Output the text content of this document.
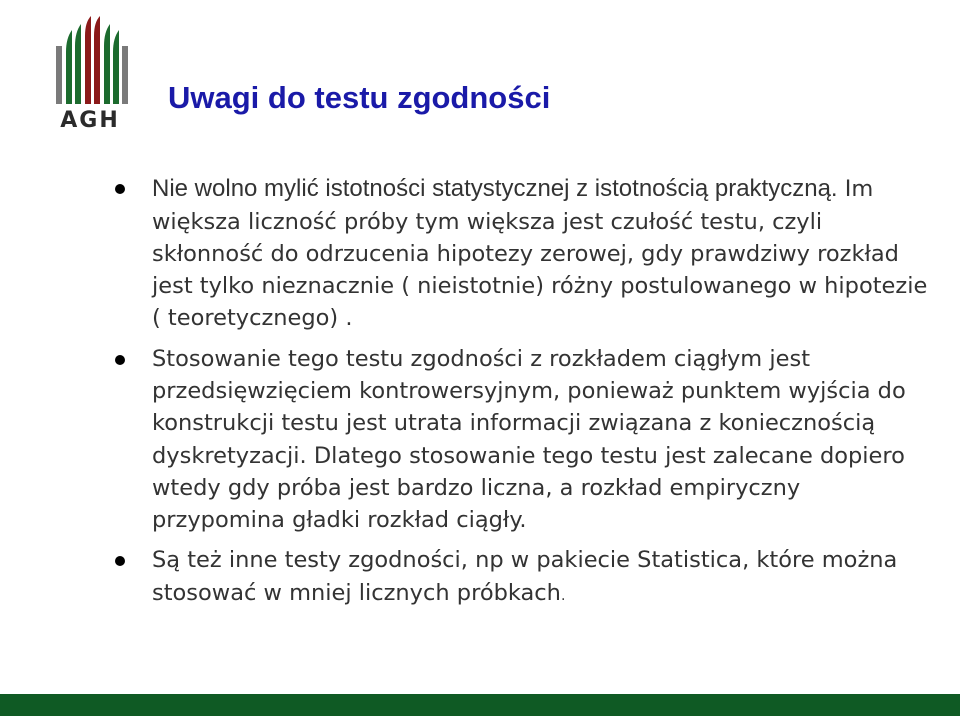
AGH
Uwagi do testu zgodności
Nie wolno mylić istotności statystycznej z istotnością praktyczną. Im większa liczność próby tym większa jest czułość testu, czyli skłonność do odrzucenia hipotezy zerowej, gdy prawdziwy rozkład jest tylko nieznacznie ( nieistotnie) różny postulowanego w hipotezie ( teoretycznego) .
Stosowanie tego testu zgodności z rozkładem ciągłym jest przedsięwzięciem kontrowersyjnym, ponieważ punktem wyjścia do konstrukcji testu jest utrata informacji związana z koniecznością dyskretyzacji. Dlatego stosowanie tego testu jest zalecane dopiero wtedy gdy próba jest bardzo liczna, a rozkład empiryczny przypomina gładki rozkład ciągły.
Są też inne testy zgodności, np w pakiecie Statistica, które można stosować w mniej licznych próbkach.
